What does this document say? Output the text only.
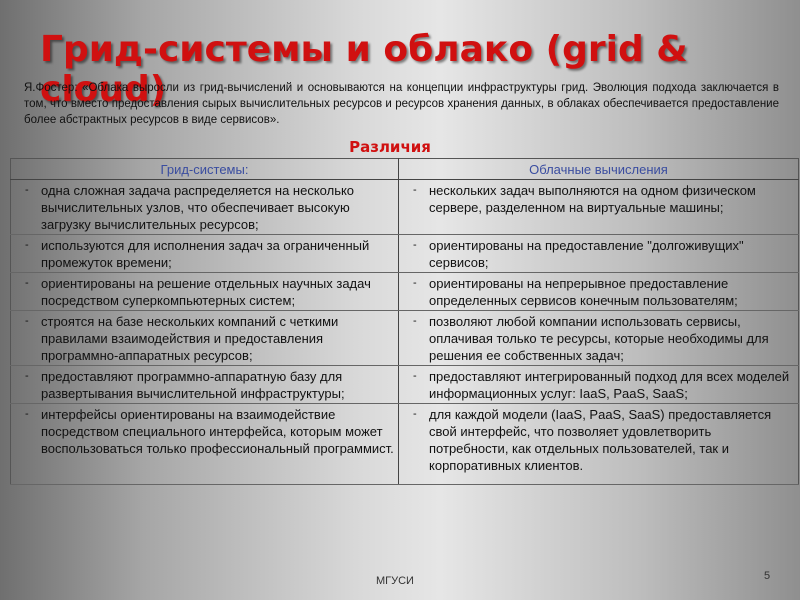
Грид-системы и облако (grid & cloud)
Я.Фостер: «Облака выросли из грид-вычислений и основываются на концепции инфраструктуры грид. Эволюция подхода заключается в том, что вместо предоставления сырых вычислительных ресурсов и ресурсов хранения данных, в облаках обеспечивается предоставление более абстрактных ресурсов в виде сервисов».
Различия
Грид-системы:	Облачные вычисления

- одна сложная задача распределяется на несколько вычислительных узлов, что обеспечивает высокую загрузку вычислительных ресурсов;	- нескольких задач выполняются на одном физическом сервере, разделенном на виртуальные машины;

- используются для исполнения задач за ограниченный промежуток времени;	- ориентированы на предоставление "долгоживущих" сервисов;

- ориентированы на решение отдельных научных задач посредством суперкомпьютерных систем;	- ориентированы на непрерывное предоставление определенных сервисов конечным пользователям;

- строятся на базе нескольких компаний с четкими правилами взаимодействия и предоставления программно-аппаратных ресурсов;	- позволяют любой компании использовать сервисы, оплачивая только те ресурсы, которые необходимы для решения ее собственных задач;

- предоставляют программно-аппаратную базу для развертывания вычислительной инфраструктуры;	- предоставляют интегрированный подход для всех моделей информационных услуг: IaaS, PaaS, SaaS;

- интерфейсы ориентированы на взаимодействие посредством специального интерфейса, которым может воспользоваться только профессиональный программист.	- для каждой модели (IaaS, PaaS, SaaS) предоставляется свой интерфейс, что позволяет удовлетворить потребности, как отдельных пользователей, так и корпоративных клиентов.
МГУСИ	5
